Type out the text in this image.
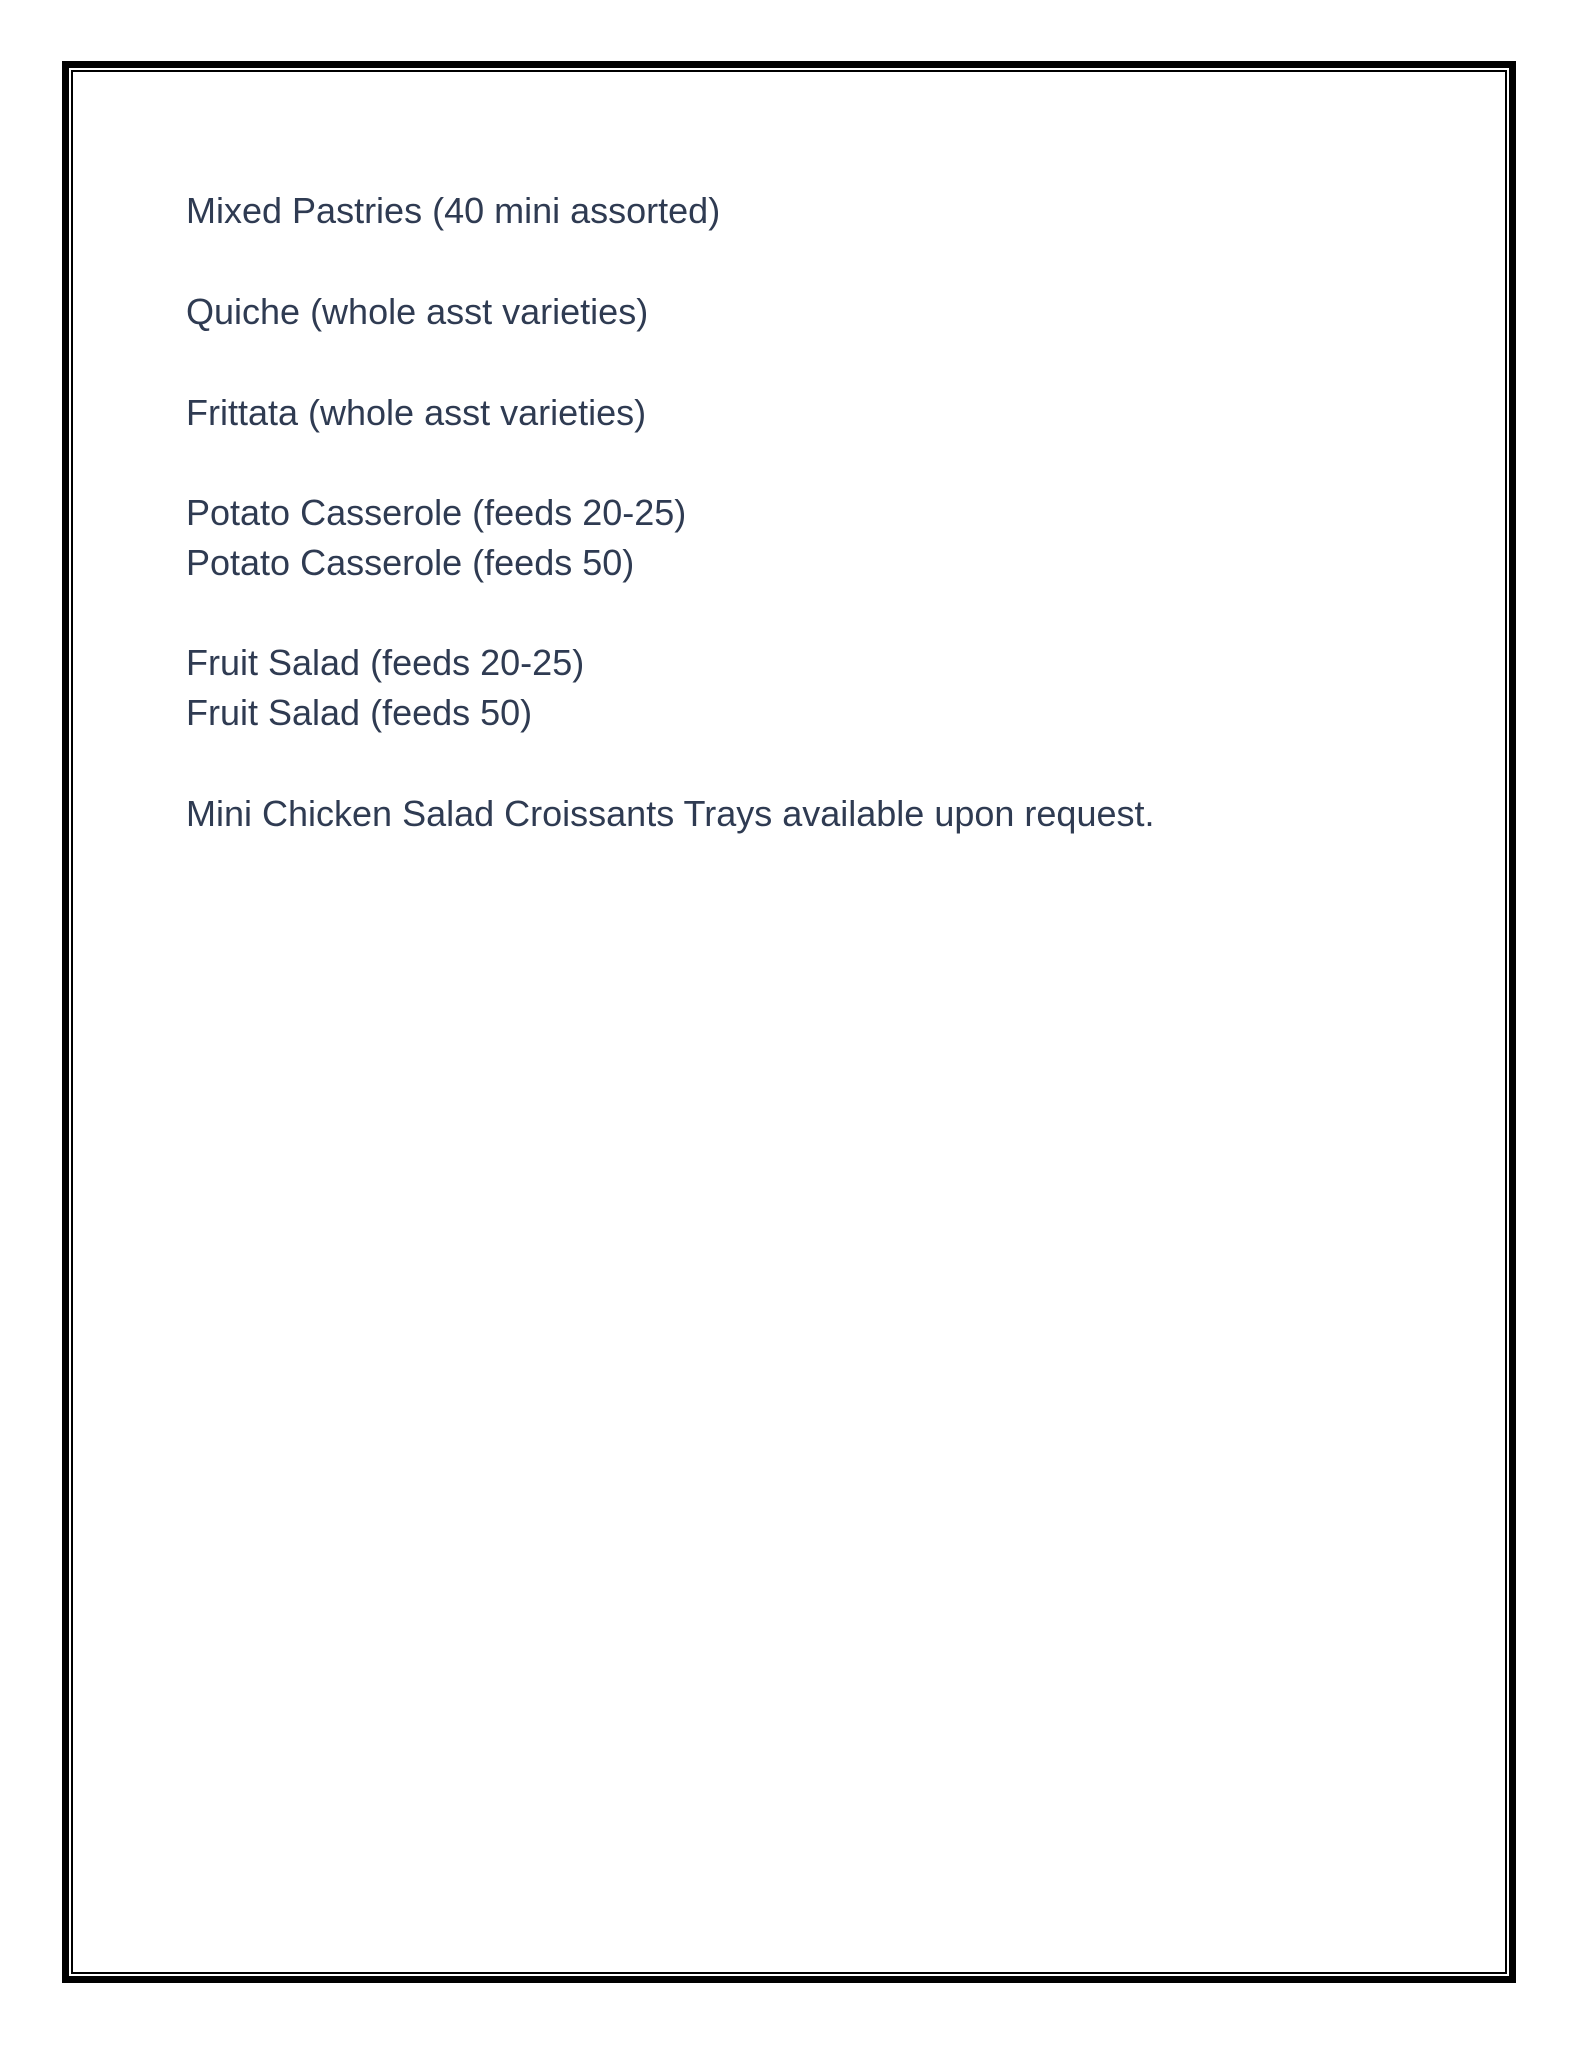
Mixed Pastries (40 mini assorted)
Quiche (whole asst varieties)
Frittata (whole asst varieties)
Potato Casserole (feeds 20-25)
Potato Casserole (feeds 50)
Fruit Salad (feeds 20-25)
Fruit Salad (feeds 50)
Mini Chicken Salad Croissants Trays available upon request.
